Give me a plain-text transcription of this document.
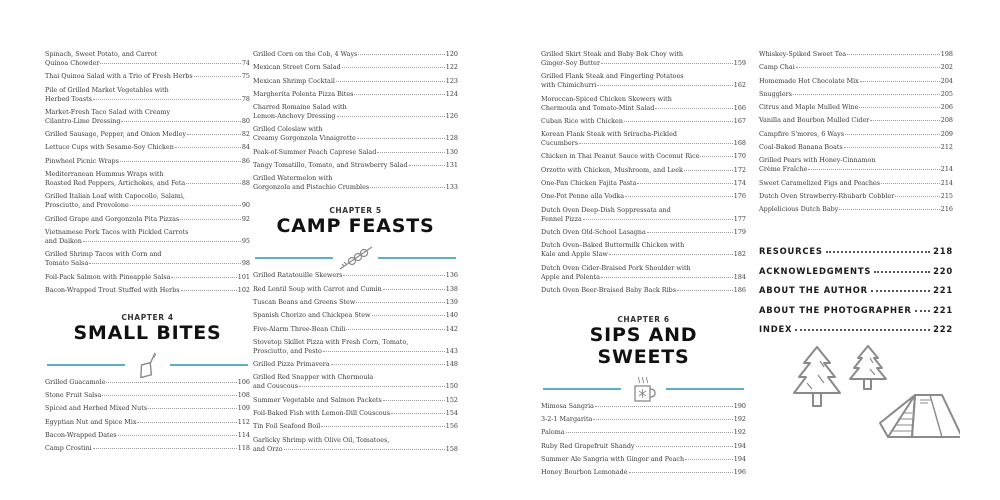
Spinach, Sweet Potato, and Carrot
Quinoa Chowder	74
Thai Quinoa Salad with a Trio of Fresh Herbs	75
Pile of Grilled Market Vegetables with
Herbed Toasts	78
Market-Fresh Taco Salad with Creamy
Cilantro-Lime Dressing	80
Grilled Sausage, Pepper, and Onion Medley	82
Lettuce Cups with Sesame-Soy Chicken	84
Pinwheel Picnic Wraps	86
Mediterranean Hummus Wraps with
Roasted Red Peppers, Artichokes, and Feta	88
Grilled Italian Loaf with Capocollo, Salami,
Prosciutto, and Provolone	90
Grilled Grape and Gorgonzola Pita Pizzas	92
Vietnamese Pork Tacos with Pickled Carrots
and Daikon	95
Grilled Shrimp Tacos with Corn and
Tomato Salsa	98
Foil-Pack Salmon with Pineapple Salsa	101
Bacon-Wrapped Trout Stuffed with Herbs	102
CHAPTER 4
SMALL BITES
Grilled Guacamole	106
Stone Fruit Salsa	108
Spiced and Herbed Mixed Nuts	109
Egyptian Nut and Spice Mix	112
Bacon-Wrapped Dates	114
Camp Crostini	118
Grilled Corn on the Cob, 4 Ways	120
Mexican Street Corn Salad	122
Mexican Shrimp Cocktail	123
Margherita Polenta Pizza Bites	124
Charred Romaine Salad with
Lemon-Anchovy Dressing	126
Grilled Coleslaw with
Creamy Gorgonzola Vinaigrette	128
Peak-of-Summer Peach Caprese Salad	130
Tangy Tomatillo, Tomato, and Strawberry Salad	131
Grilled Watermelon with
Gorgonzola and Pistachio Crumbles	133
CHAPTER 5
CAMP FEASTS
Grilled Ratatouille Skewers	136
Red Lentil Soup with Carrot and Cumin	138
Tuscan Beans and Greens Stew	139
Spanish Chorizo and Chickpea Stew	140
Five-Alarm Three-Bean Chili	142
Stovetop Skillet Pizza with Fresh Corn, Tomato,
Prosciutto, and Pesto	143
Grilled Pizza Primavera	148
Grilled Red Snapper with Chermoula
and Couscous	150
Summer Vegetable and Salmon Packets	152
Foil-Baked Fish with Lemon-Dill Couscous	154
Tin Foil Seafood Boil	156
Garlicky Shrimp with Olive Oil, Tomatoes,
and Orzo	158
Grilled Skirt Steak and Baby Bok Choy with
Ginger-Soy Butter	159
Grilled Flank Steak and Fingerling Potatoes
with Chimichurri	162
Moroccan-Spiced Chicken Skewers with
Chermoula and Tomato-Mint Salad	166
Cuban Rice with Chicken	167
Korean Flank Steak with Sriracha-Pickled
Cucumbers	168
Chicken in Thai Peanut Sauce with Coconut Rice	170
Orzotto with Chicken, Mushroom, and Leek	172
One-Pan Chicken Fajita Pasta	174
One-Pot Penne alla Vodka	176
Dutch Oven Deep-Dish Soppressata and
Fennel Pizza	177
Dutch Oven Old-School Lasagna	179
Dutch Oven–Baked Buttermilk Chicken with
Kale and Apple Slaw	182
Dutch Oven Cider-Braised Pork Shoulder with
Apple and Polenta	184
Dutch Oven Beer-Braised Baby Back Ribs	186
CHAPTER 6
SIPS AND SWEETS
Mimosa Sangria	190
3-2-1 Margarita	192
Paloma	192
Ruby Red Grapefruit Shandy	194
Summer Ale Sangria with Ginger and Peach	194
Honey Bourbon Lemonade	196
Whiskey-Spiked Sweet Tea	198
Camp Chai	202
Homemade Hot Chocolate Mix	204
Snugglers	205
Citrus and Maple Mulled Wine	206
Vanilla and Bourbon Mulled Cider	208
Campfire S'mores, 6 Ways	209
Coal-Baked Banana Boats	212
Grilled Pears with Honey-Cinnamon
Crème Fraîche	214
Sweet Caramelized Figs and Peaches	214
Dutch Oven Strawberry-Rhubarb Cobbler	215
Applelicious Dutch Baby	216
RESOURCES	218
ACKNOWLEDGMENTS	220
ABOUT THE AUTHOR	221
ABOUT THE PHOTOGRAPHER	221
INDEX	222
